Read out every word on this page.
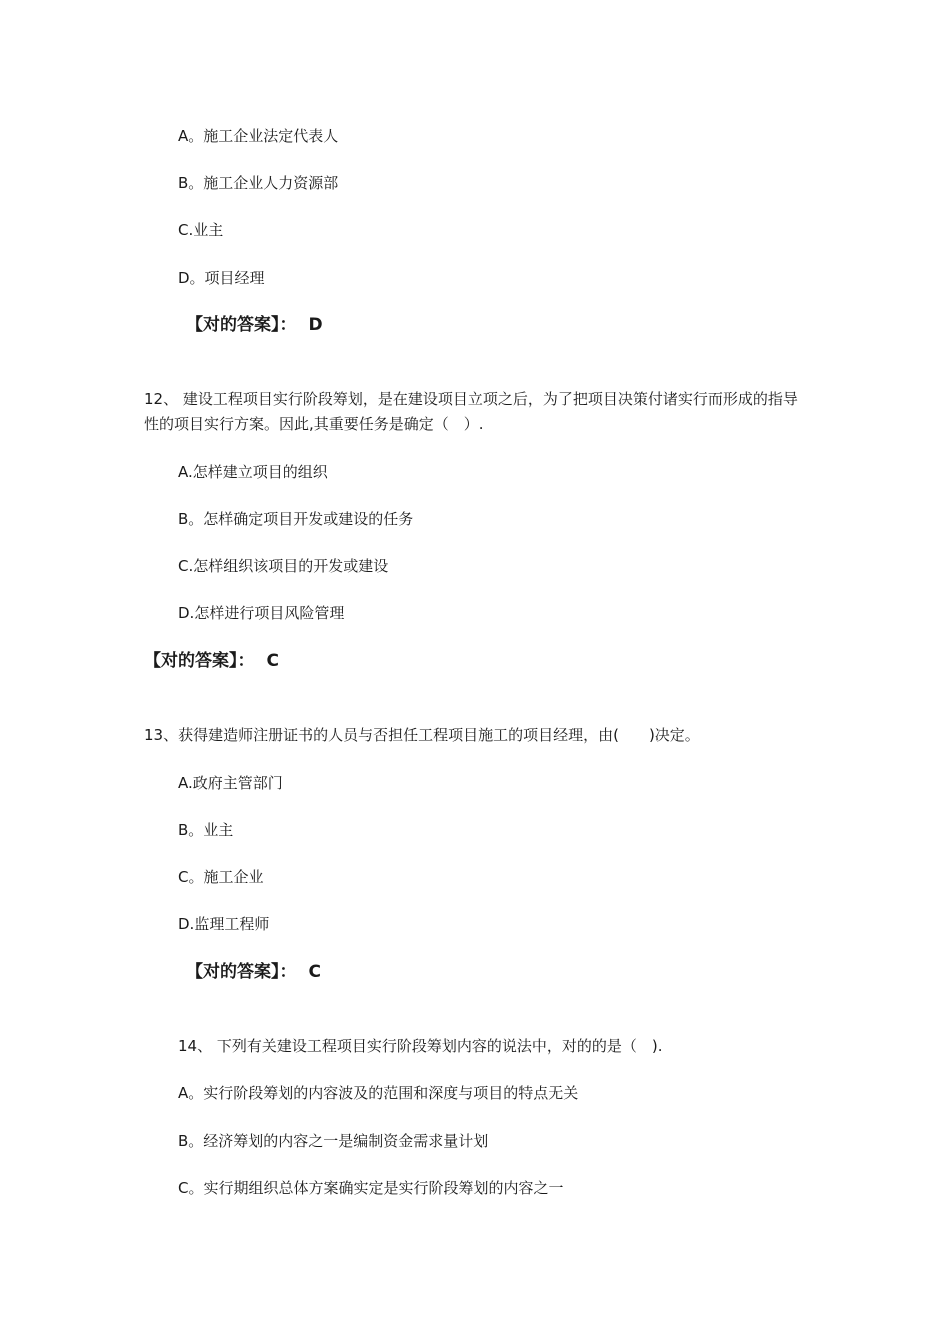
A。施工企业法定代表人
B。施工企业人力资源部
C.业主
D。项目经理
【对的答案】： D
12、 建设工程项目实行阶段筹划，是在建设项目立项之后，为了把项目决策付诸实行而形成的指导性的项目实行方案。因此,其重要任务是确定（　）.
A.怎样建立项目的组织
B。怎样确定项目开发或建设的任务
C.怎样组织该项目的开发或建设
D.怎样进行项目风险管理
【对的答案】： C
13、获得建造师注册证书的人员与否担任工程项目施工的项目经理，由(　　)决定。
A.政府主管部门
B。业主
C。施工企业
D.监理工程师
【对的答案】： C
14、 下列有关建设工程项目实行阶段筹划内容的说法中，对的的是（　).
A。实行阶段筹划的内容波及的范围和深度与项目的特点无关
B。经济筹划的内容之一是编制资金需求量计划
C。实行期组织总体方案确实定是实行阶段筹划的内容之一
